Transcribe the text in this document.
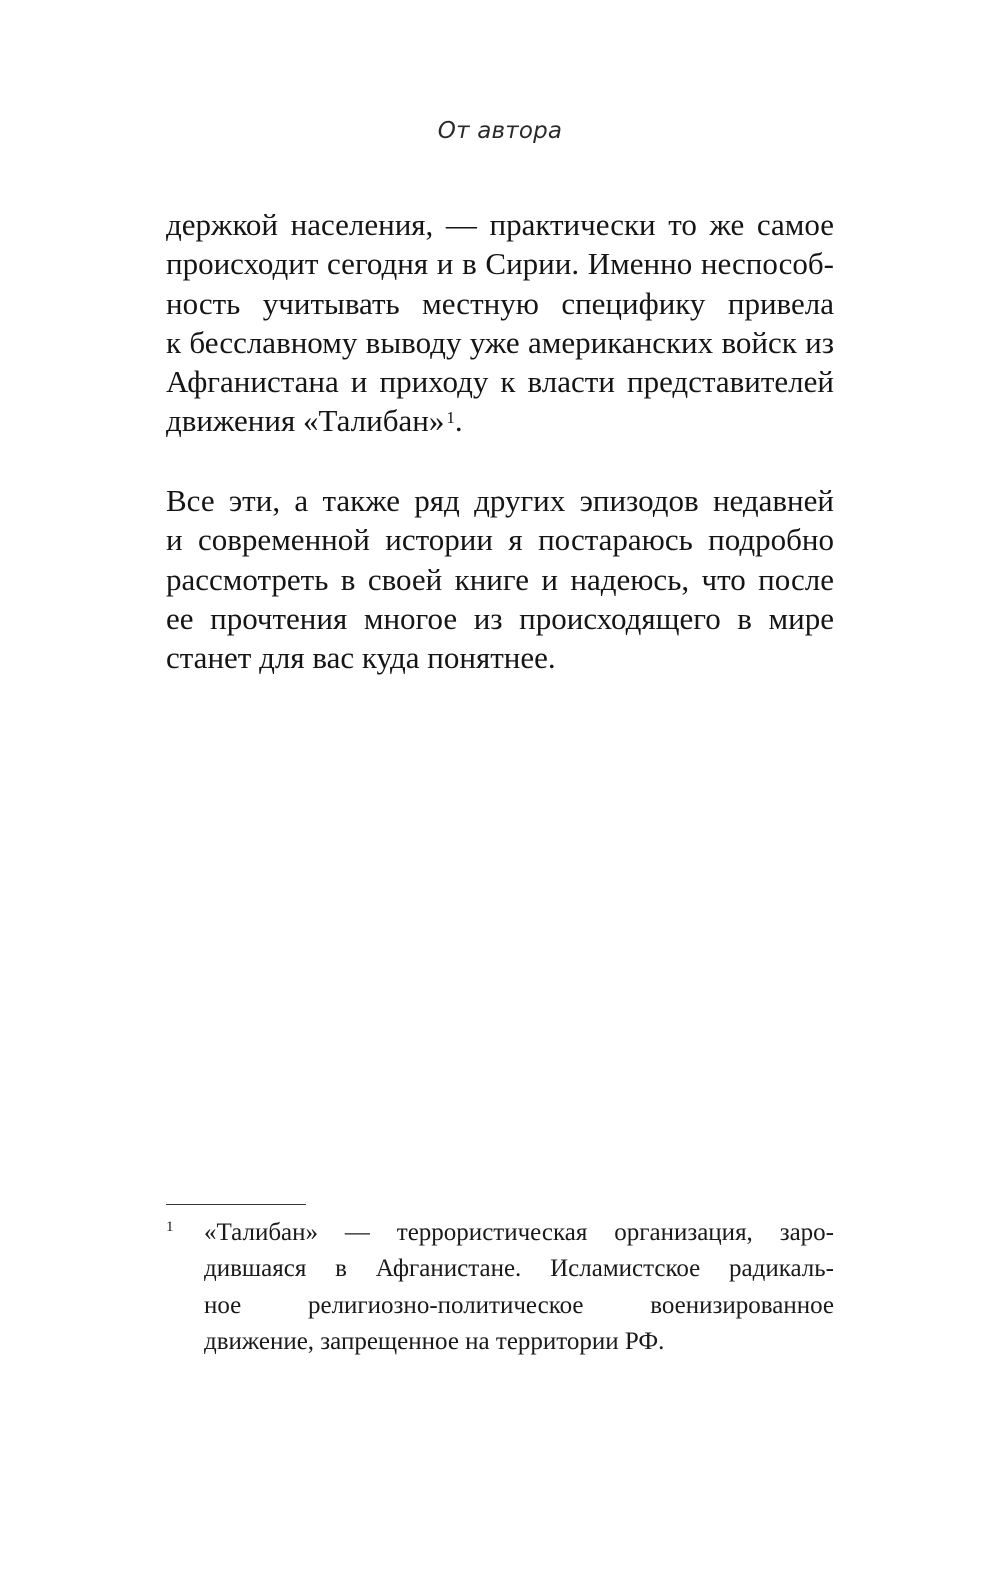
От автора
держкой населения, — практически то же самое
происходит сегодня и в Сирии. Именно неспособ-
ность учитывать местную специфику привела
к бесславному выводу уже американских войск из
Афганистана и приходу к власти представителей
движения «Талибан» $^1$.
Все эти, а также ряд других эпизодов недавней
и современной истории я постараюсь подробно
рассмотреть в своей книге и надеюсь, что после
ее прочтения многое из происходящего в мире
станет для вас куда понятнее.
1 «Талибан» — террористическая организация, заро-
дившаяся в Афганистане. Исламистское радикаль-
ное религиозно-политическое военизированное
движение, запрещенное на территории РФ.
